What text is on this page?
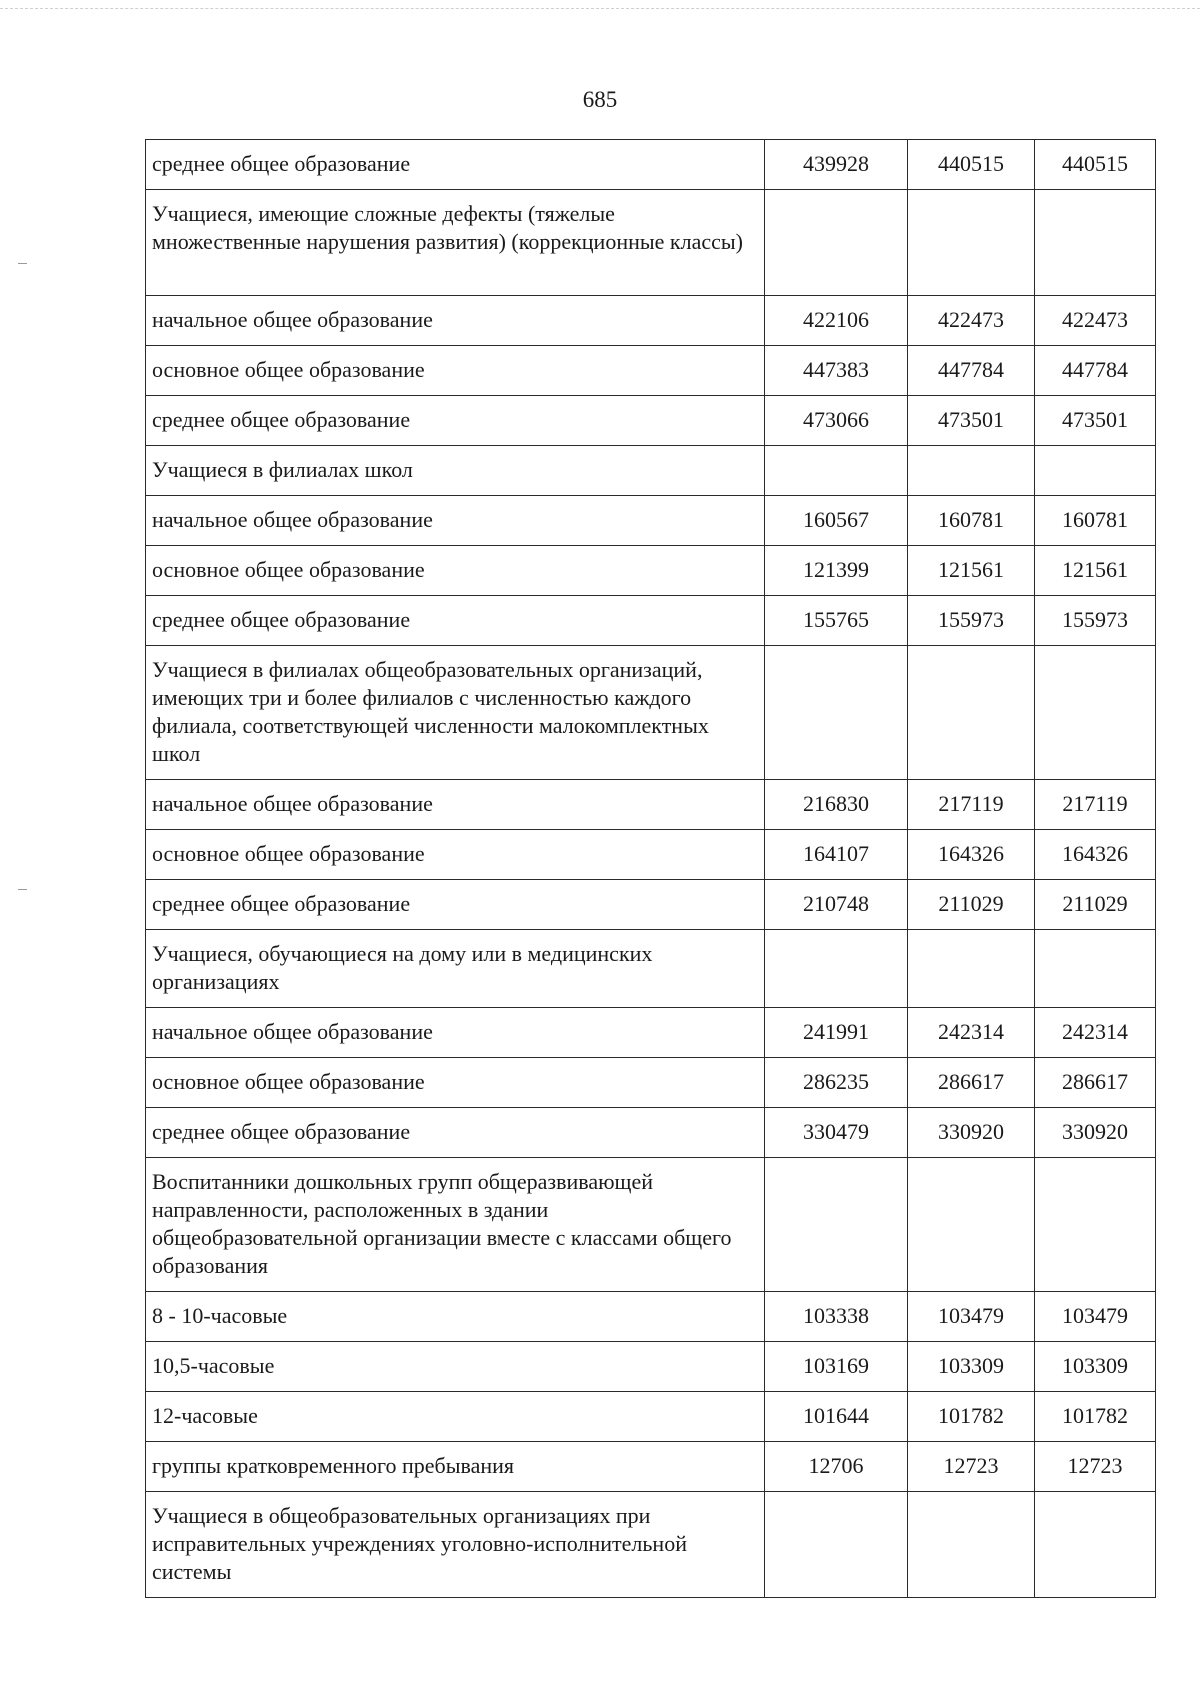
685
среднее общее образование	439928	440515	440515
Учащиеся, имеющие сложные дефекты (тяжелые множественные нарушения развития) (коррекционные классы)			
начальное общее образование	422106	422473	422473
основное общее образование	447383	447784	447784
среднее общее образование	473066	473501	473501
Учащиеся в филиалах школ			
начальное общее образование	160567	160781	160781
основное общее образование	121399	121561	121561
среднее общее образование	155765	155973	155973
Учащиеся в филиалах общеобразовательных организаций, имеющих три и более филиалов с численностью каждого филиала, соответствующей численности малокомплектных школ			
начальное общее образование	216830	217119	217119
основное общее образование	164107	164326	164326
среднее общее образование	210748	211029	211029
Учащиеся, обучающиеся на дому или в медицинских организациях			
начальное общее образование	241991	242314	242314
основное общее образование	286235	286617	286617
среднее общее образование	330479	330920	330920
Воспитанники дошкольных групп общеразвивающей направленности, расположенных в здании общеобразовательной организации вместе с классами общего образования			
8 - 10-часовые	103338	103479	103479
10,5-часовые	103169	103309	103309
12-часовые	101644	101782	101782
группы кратковременного пребывания	12706	12723	12723
Учащиеся в общеобразовательных организациях при исправительных учреждениях уголовно-исполнительной системы			
